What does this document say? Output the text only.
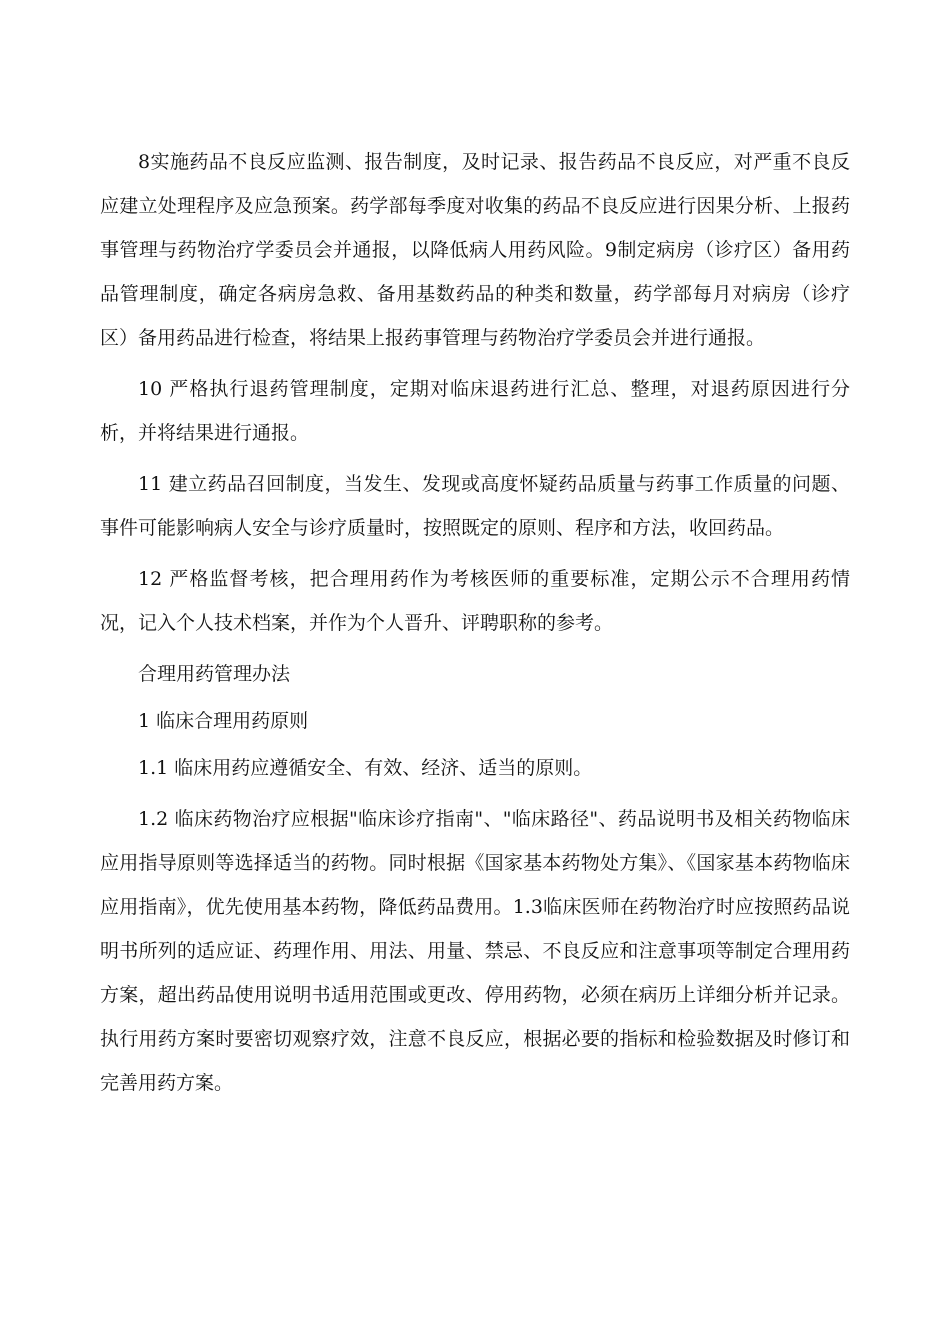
8实施药品不良反应监测、报告制度，及时记录、报告药品不良反应，对严重不良反应建立处理程序及应急预案。药学部每季度对收集的药品不良反应进行因果分析、上报药事管理与药物治疗学委员会并通报，以降低病人用药风险。9制定病房（诊疗区）备用药品管理制度，确定各病房急救、备用基数药品的种类和数量，药学部每月对病房（诊疗区）备用药品进行检查，将结果上报药事管理与药物治疗学委员会并进行通报。

10 严格执行退药管理制度，定期对临床退药进行汇总、整理，对退药原因进行分析，并将结果进行通报。

11 建立药品召回制度，当发生、发现或高度怀疑药品质量与药事工作质量的问题、事件可能影响病人安全与诊疗质量时，按照既定的原则、程序和方法，收回药品。

12 严格监督考核，把合理用药作为考核医师的重要标准，定期公示不合理用药情况，记入个人技术档案，并作为个人晋升、评聘职称的参考。

合理用药管理办法

1 临床合理用药原则

1.1 临床用药应遵循安全、有效、经济、适当的原则。

1.2 临床药物治疗应根据"临床诊疗指南"、"临床路径"、药品说明书及相关药物临床应用指导原则等选择适当的药物。同时根据《国家基本药物处方集》、《国家基本药物临床应用指南》，优先使用基本药物，降低药品费用。1.3临床医师在药物治疗时应按照药品说明书所列的适应证、药理作用、用法、用量、禁忌、不良反应和注意事项等制定合理用药方案，超出药品使用说明书适用范围或更改、停用药物，必须在病历上详细分析并记录。执行用药方案时要密切观察疗效，注意不良反应，根据必要的指标和检验数据及时修订和完善用药方案。
